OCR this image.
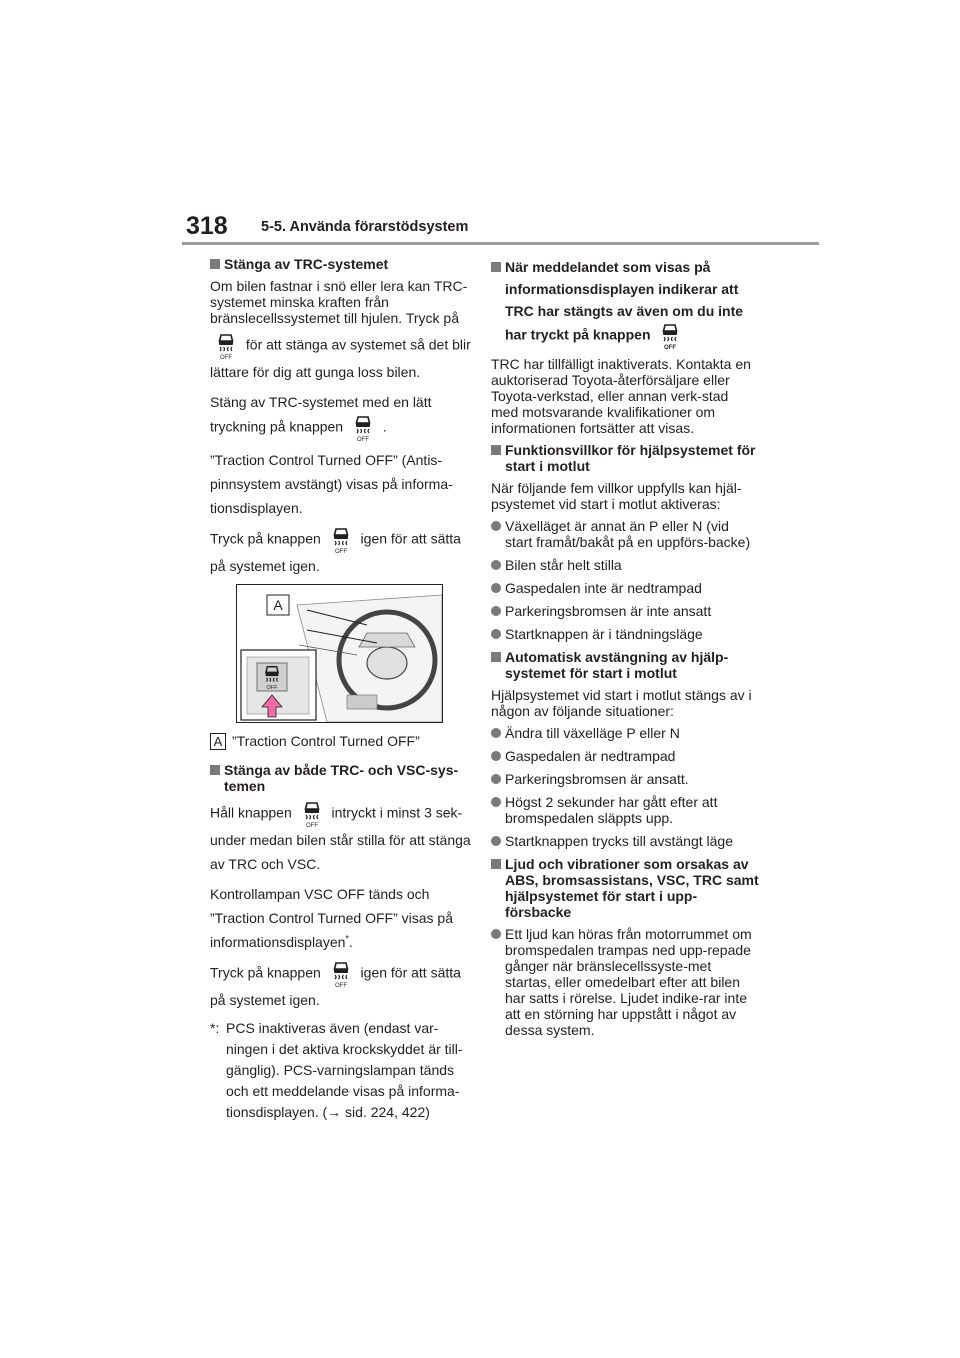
318 5-5. Använda förarstödsystem
Stänga av TRC-systemet
Om bilen fastnar i snö eller lera kan TRC-systemet minska kraften från bränslecellssystemet till hjulen. Tryck på
för att stänga av systemet så det blir lättare för dig att gunga loss bilen.
Stäng av TRC-systemet med en lätt tryckning på knappen	.
”Traction Control Turned OFF” (Antis-pinnsystem avstängt) visas på informa-tionsdisplayen.
Tryck på knappen	igen för att sätta på systemet igen.
A
A ”Traction Control Turned OFF”
Stänga av både TRC- och VSC-sys-temen
Håll knappen	intryckt i minst 3 sek-under medan bilen står stilla för att stänga av TRC och VSC.
Kontrollampan VSC OFF tänds och ”Traction Control Turned OFF” visas på informationsdisplayen*.
Tryck på knappen	igen för att sätta på systemet igen.
*: PCS inaktiveras även (endast var-ningen i det aktiva krockskyddet är till-gänglig). PCS-varningslampan tänds och ett meddelande visas på informa-tionsdisplayen. (→ sid. 224, 422)
När meddelandet som visas på informationsdisplayen indikerar att TRC har stängts av även om du inte har tryckt på knappen
TRC har tillfälligt inaktiverats. Kontakta en auktoriserad Toyota-återförsäljare eller Toyota-verkstad, eller annan verk-stad med motsvarande kvalifikationer om informationen fortsätter att visas.
Funktionsvillkor för hjälpsystemet för start i motlut
När följande fem villkor uppfylls kan hjäl-psystemet vid start i motlut aktiveras:
Växelläget är annat än P eller N (vid start framåt/bakåt på en uppförs-backe)
Bilen står helt stilla
Gaspedalen inte är nedtrampad
Parkeringsbromsen är inte ansatt
Startknappen är i tändningsläge
Automatisk avstängning av hjälp-systemet för start i motlut
Hjälpsystemet vid start i motlut stängs av i någon av följande situationer:
Ändra till växelläge P eller N
Gaspedalen är nedtrampad
Parkeringsbromsen är ansatt.
Högst 2 sekunder har gått efter att bromspedalen släppts upp.
Startknappen trycks till avstängt läge
Ljud och vibrationer som orsakas av ABS, bromsassistans, VSC, TRC samt hjälpsystemet för start i upp-försbacke
Ett ljud kan höras från motorrummet om bromspedalen trampas ned upp-repade gånger när bränslecellssyste-met startas, eller omedelbart efter att bilen har satts i rörelse. Ljudet indike-rar inte att en störning har uppstått i något av dessa system.
